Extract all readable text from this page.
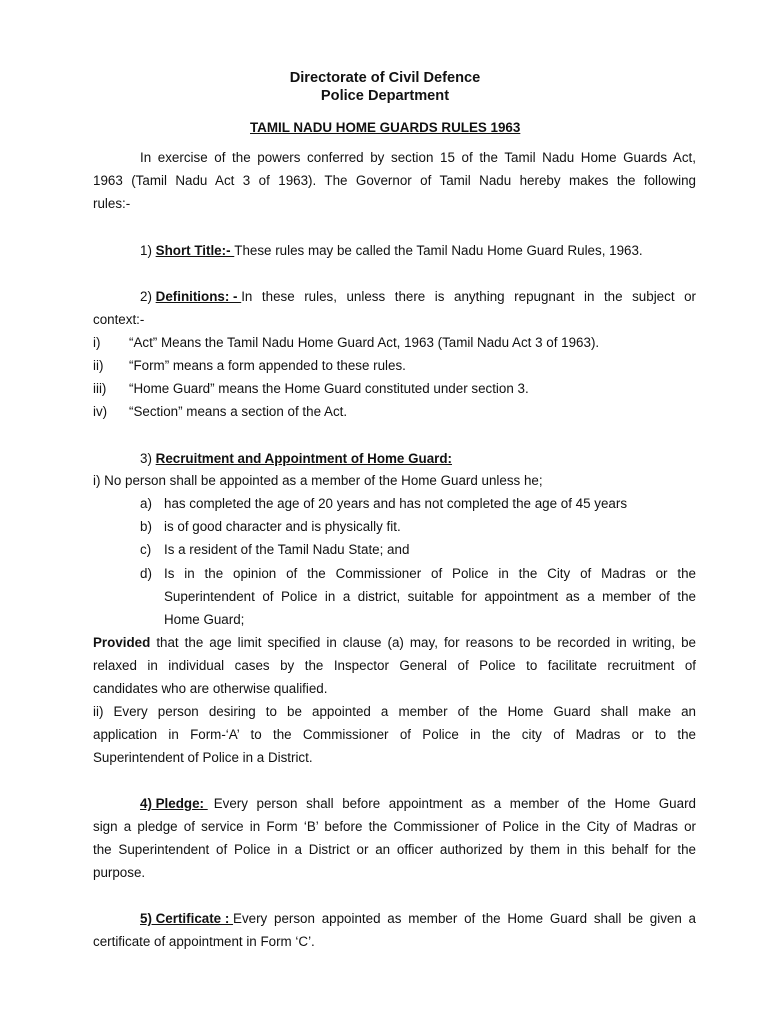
Directorate of Civil Defence
Police Department
TAMIL NADU HOME GUARDS RULES 1963
In exercise of the powers conferred by section 15 of the Tamil Nadu Home Guards Act,
1963 (Tamil Nadu Act 3 of 1963). The Governor of Tamil Nadu hereby makes the following
rules:-
1) Short Title:- These rules may be called the Tamil Nadu Home Guard Rules, 1963.
2) Definitions: - In these rules, unless there is anything repugnant in the subject or
context:-
i) “Act” Means the Tamil Nadu Home Guard Act, 1963 (Tamil Nadu Act 3 of 1963).
ii) “Form” means a form appended to these rules.
iii) “Home Guard” means the Home Guard constituted under section 3.
iv) “Section” means a section of the Act.
3) Recruitment and Appointment of Home Guard:
i) No person shall be appointed as a member of the Home Guard unless he;
a) has completed the age of 20 years and has not completed the age of 45 years
b) is of good character and is physically fit.
c) Is a resident of the Tamil Nadu State; and
d) Is in the opinion of the Commissioner of Police in the City of Madras or the
Superintendent of Police in a district, suitable for appointment as a member of the
Home Guard;
Provided that the age limit specified in clause (a) may, for reasons to be recorded in writing, be
relaxed in individual cases by the Inspector General of Police to facilitate recruitment of
candidates who are otherwise qualified.
ii) Every person desiring to be appointed a member of the Home Guard shall make an
application in Form-‘A’ to the Commissioner of Police in the city of Madras or to the
Superintendent of Police in a District.
4) Pledge: Every person shall before appointment as a member of the Home Guard
sign a pledge of service in Form ‘B’ before the Commissioner of Police in the City of Madras or
the Superintendent of Police in a District or an officer authorized by them in this behalf for the
purpose.
5) Certificate : Every person appointed as member of the Home Guard shall be given a
certificate of appointment in Form ‘C’.
